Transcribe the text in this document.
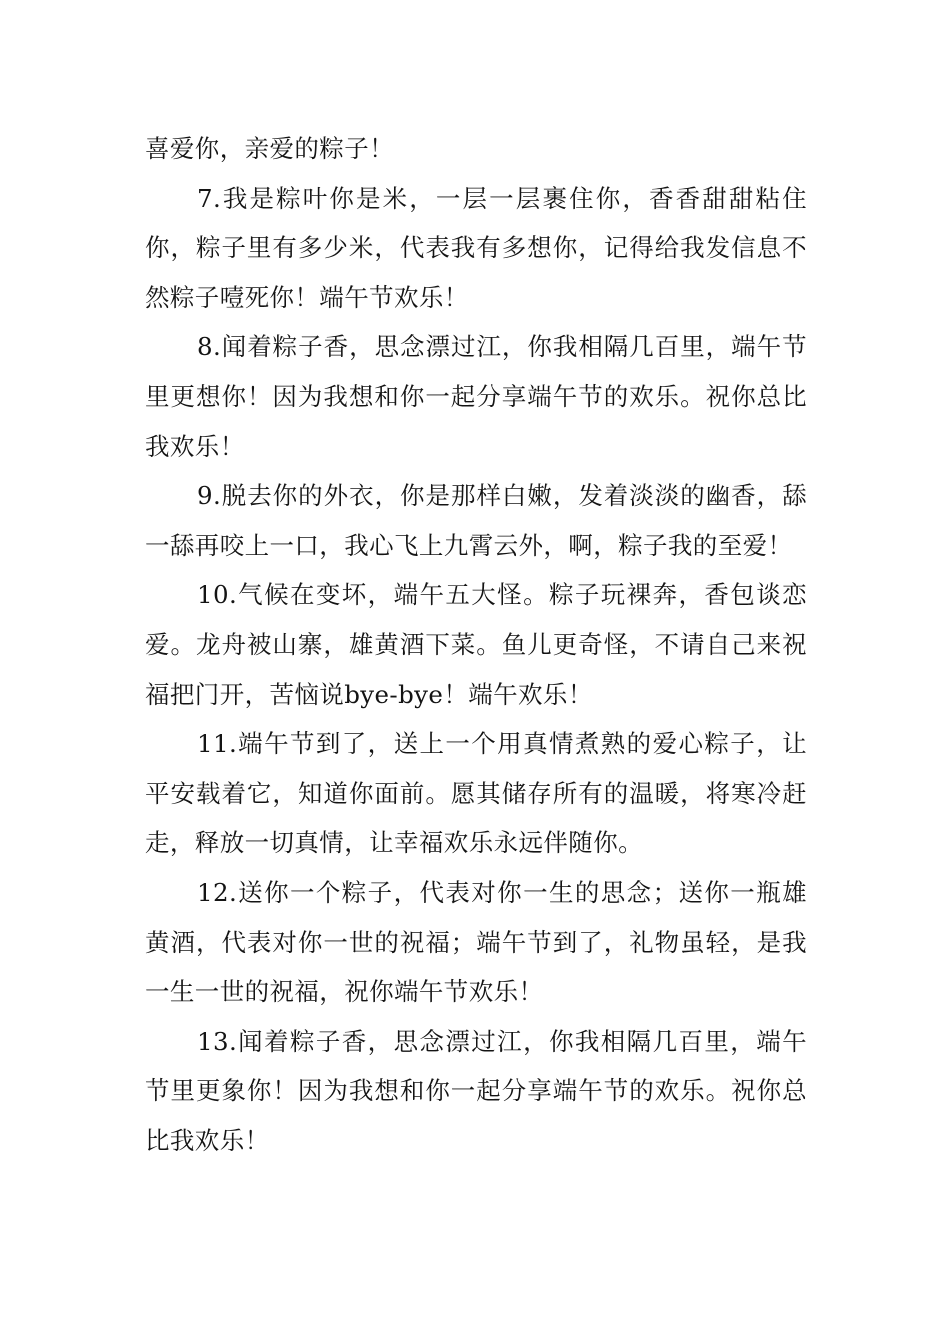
喜爱你，亲爱的粽子！

7.我是粽叶你是米，一层一层裹住你，香香甜甜粘住你，粽子里有多少米，代表我有多想你，记得给我发信息不然粽子噎死你！端午节欢乐！

8.闻着粽子香，思念漂过江，你我相隔几百里，端午节里更想你！因为我想和你一起分享端午节的欢乐。祝你总比我欢乐！

9.脱去你的外衣，你是那样白嫩，发着淡淡的幽香，舔一舔再咬上一口，我心飞上九霄云外，啊，粽子我的至爱！

10.气候在变坏，端午五大怪。粽子玩裸奔，香包谈恋爱。龙舟被山寨，雄黄酒下菜。鱼儿更奇怪，不请自己来祝福把门开，苦恼说bye-bye！端午欢乐！

11.端午节到了，送上一个用真情煮熟的爱心粽子，让平安载着它，知道你面前。愿其储存所有的温暖，将寒冷赶走，释放一切真情，让幸福欢乐永远伴随你。

12.送你一个粽子，代表对你一生的思念；送你一瓶雄黄酒，代表对你一世的祝福；端午节到了，礼物虽轻，是我一生一世的祝福，祝你端午节欢乐！

13.闻着粽子香，思念漂过江，你我相隔几百里，端午节里更象你！因为我想和你一起分享端午节的欢乐。祝你总比我欢乐！
